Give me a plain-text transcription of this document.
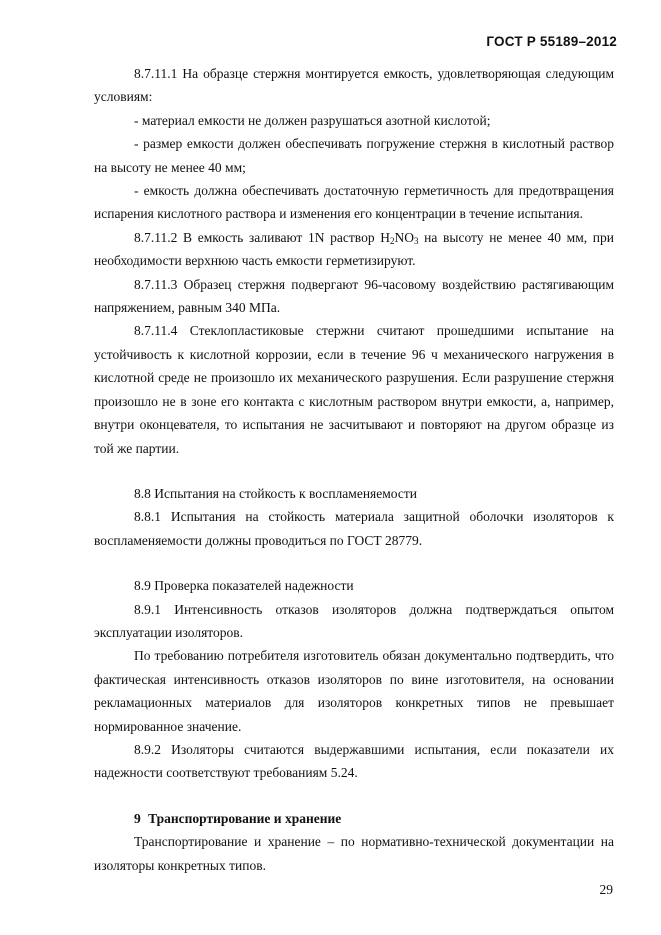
ГОСТ Р 55189–2012

8.7.11.1 На образце стержня монтируется емкость, удовлетворяющая следующим условиям:

- материал емкости не должен разрушаться азотной кислотой;

- размер емкости должен обеспечивать погружение стержня в кислотный раствор на высоту не менее 40 мм;

- емкость должна обеспечивать достаточную герметичность для предотвращения испарения кислотного раствора и изменения его концентрации в течение испытания.

8.7.11.2 В емкость заливают 1N раствор $H_2NO_3$ на высоту не менее 40 мм, при необходимости верхнюю часть емкости герметизируют.

8.7.11.3 Образец стержня подвергают 96-часовому воздействию растягивающим напряжением, равным 340 МПа.

8.7.11.4 Стеклопластиковые стержни считают прошедшими испытание на устойчивость к кислотной коррозии, если в течение 96 ч механического нагружения в кислотной среде не произошло их механического разрушения. Если разрушение стержня произошло не в зоне его контакта с кислотным раствором внутри емкости, а, например, внутри оконцевателя, то испытания не засчитывают и повторяют на другом образце из той же партии.

8.8 Испытания на стойкость к воспламеняемости

8.8.1 Испытания на стойкость материала защитной оболочки изоляторов к воспламеняемости должны проводиться по ГОСТ 28779.

8.9 Проверка показателей надежности

8.9.1 Интенсивность отказов изоляторов должна подтверждаться опытом эксплуатации изоляторов.

По требованию потребителя изготовитель обязан документально подтвердить, что фактическая интенсивность отказов изоляторов по вине изготовителя, на основании рекламационных материалов для изоляторов конкретных типов не превышает нормированное значение.

8.9.2 Изоляторы считаются выдержавшими испытания, если показатели их надежности соответствуют требованиям 5.24.

9 Транспортирование и хранение

Транспортирование и хранение – по нормативно-технической документации на изоляторы конкретных типов.

29
